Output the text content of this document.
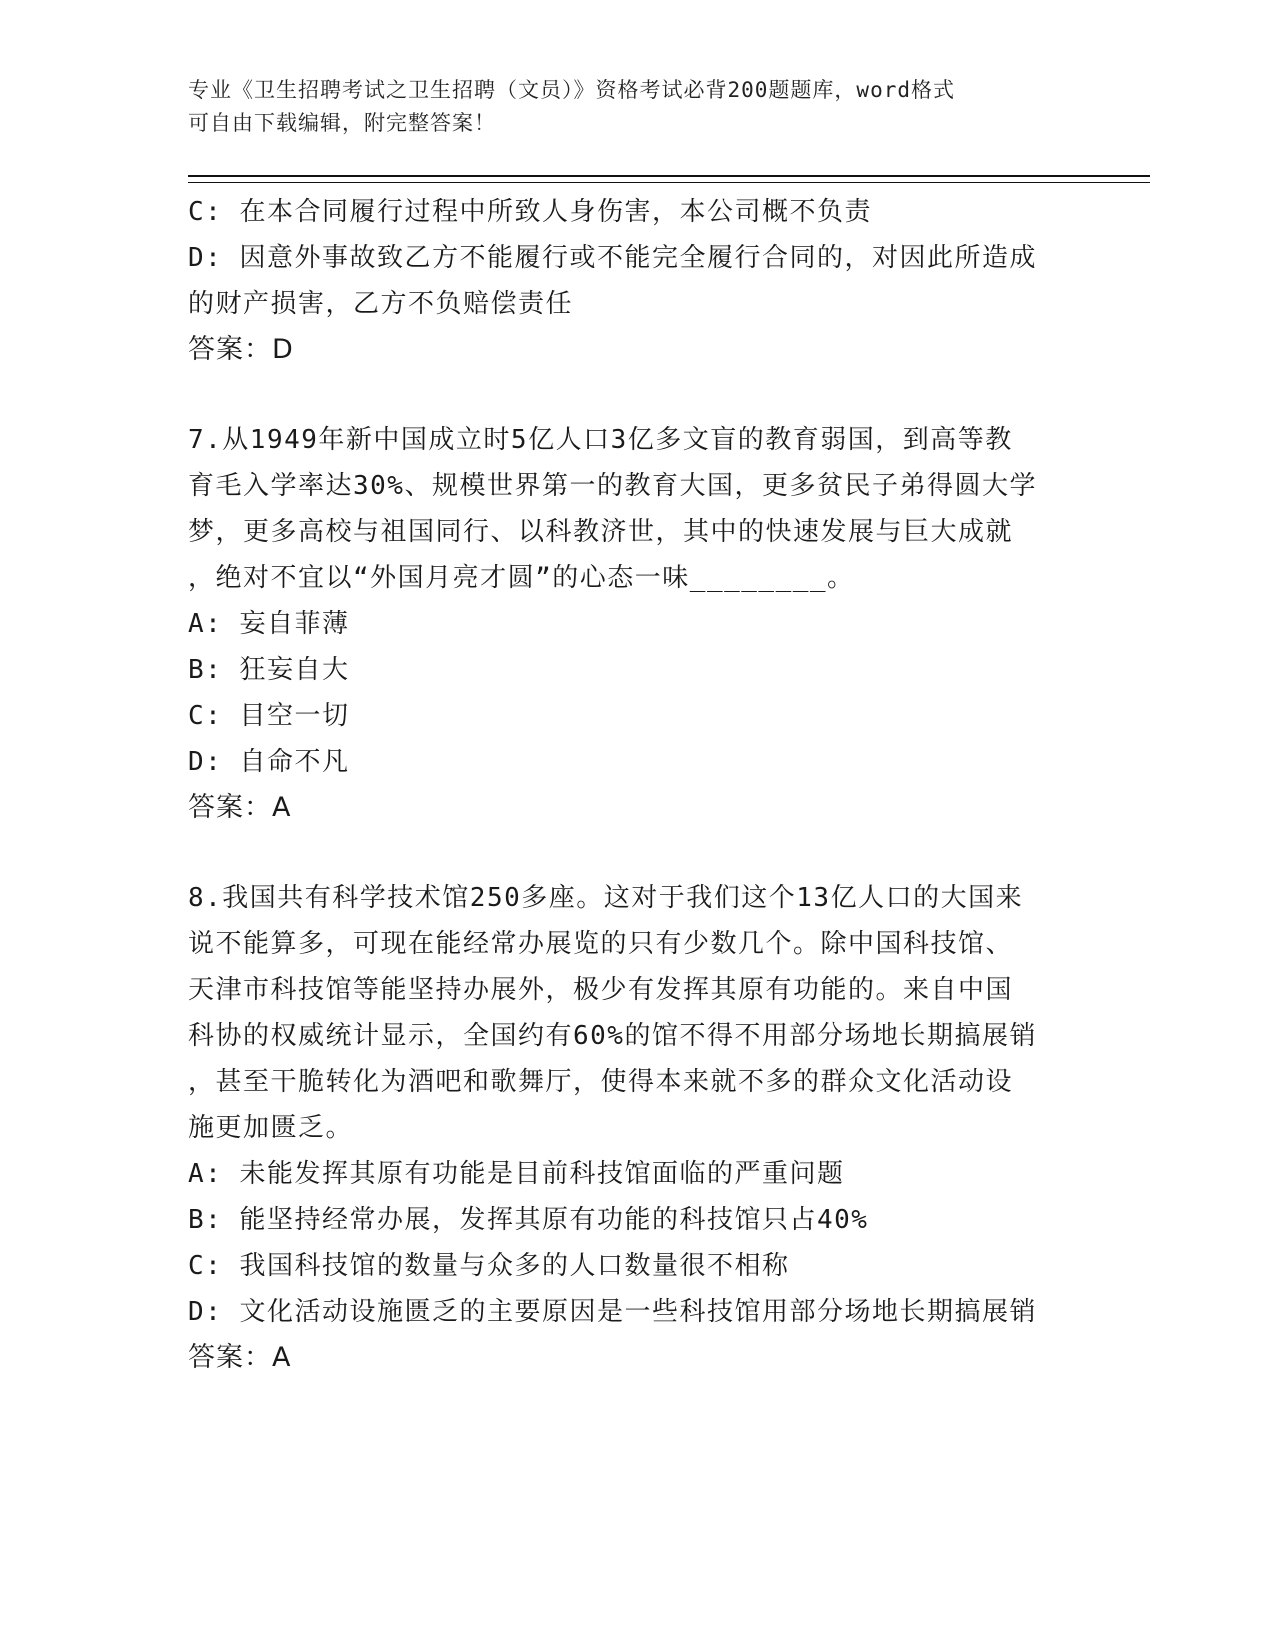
专业《卫生招聘考试之卫生招聘（文员）》资格考试必背200题题库，word格式
可自由下载编辑，附完整答案！
C: 在本合同履行过程中所致人身伤害，本公司概不负责
D: 因意外事故致乙方不能履行或不能完全履行合同的，对因此所造成
的财产损害，乙方不负赔偿责任
答案：D
7.从1949年新中国成立时5亿人口3亿多文盲的教育弱国，到高等教
育毛入学率达30%、规模世界第一的教育大国，更多贫民子弟得圆大学
梦，更多高校与祖国同行、以科教济世，其中的快速发展与巨大成就
，绝对不宜以“外国月亮才圆”的心态一味________。
A: 妄自菲薄
B: 狂妄自大
C: 目空一切
D: 自命不凡
答案：A
8.我国共有科学技术馆250多座。这对于我们这个13亿人口的大国来
说不能算多，可现在能经常办展览的只有少数几个。除中国科技馆、
天津市科技馆等能坚持办展外，极少有发挥其原有功能的。来自中国
科协的权威统计显示，全国约有60%的馆不得不用部分场地长期搞展销
，甚至干脆转化为酒吧和歌舞厅，使得本来就不多的群众文化活动设
施更加匮乏。
A: 未能发挥其原有功能是目前科技馆面临的严重问题
B: 能坚持经常办展，发挥其原有功能的科技馆只占40%
C: 我国科技馆的数量与众多的人口数量很不相称
D: 文化活动设施匮乏的主要原因是一些科技馆用部分场地长期搞展销
答案：A
